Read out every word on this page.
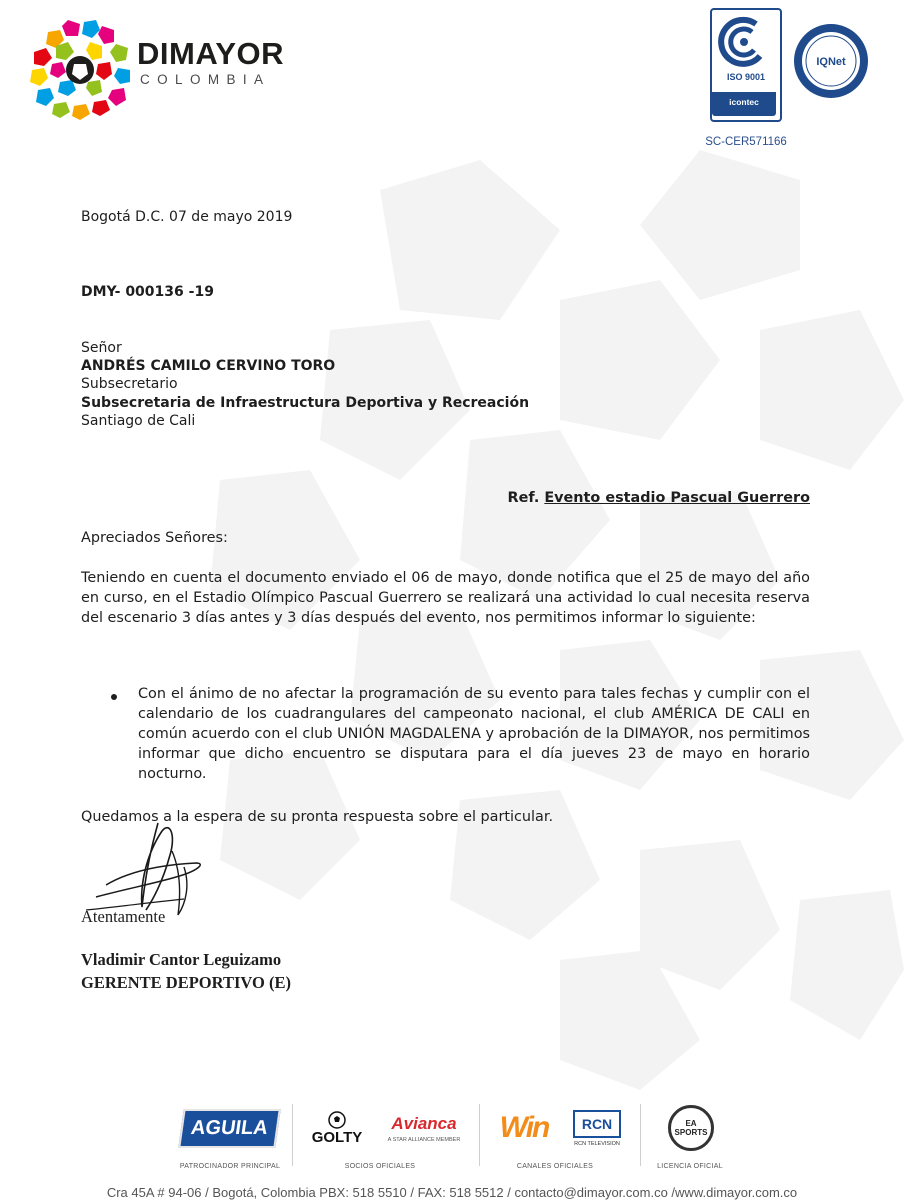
DIMAYOR
COLOMBIA	ISO 9001
icontec
IQNet
SC-CER571166
Bogotá D.C. 07 de mayo 2019
DMY- 000136 -19
Señor
ANDRÉS CAMILO CERVINO TORO
Subsecretario
Subsecretaria de Infraestructura Deportiva y Recreación
Santiago de Cali
Ref. Evento estadio Pascual Guerrero
Apreciados Señores:
Teniendo en cuenta el documento enviado el 06 de mayo, donde notifica que el 25 de mayo del año en curso, en el Estadio Olímpico Pascual Guerrero se realizará una actividad lo cual necesita reserva del escenario 3 días antes y 3 días después del evento, nos permitimos informar lo siguiente:
Con el ánimo de no afectar la programación de su evento para tales fechas y cumplir con el calendario de los cuadrangulares del campeonato nacional, el club AMÉRICA DE CALI en común acuerdo con el club UNIÓN MAGDALENA y aprobación de la DIMAYOR, nos permitimos informar que dicho encuentro se disputara para el día jueves 23 de mayo en horario nocturno.
Quedamos a la espera de su pronta respuesta sobre el particular.
Atentamente
Vladimir Cantor Leguizamo
GERENTE DEPORTIVO (E)
AGUILA	GOLTY
Avianca
A STAR ALLIANCE MEMBER Win	RCN
RCN TELEVISION
EA SPORTS
PATROCINADOR PRINCIPAL	SOCIOS OFICIALES	CANALES OFICIALES	LICENCIA OFICIAL
Cra 45A # 94-06 / Bogotá, Colombia PBX: 518 5510 / FAX: 518 5512 / contacto@dimayor.com.co /www.dimayor.com.co
